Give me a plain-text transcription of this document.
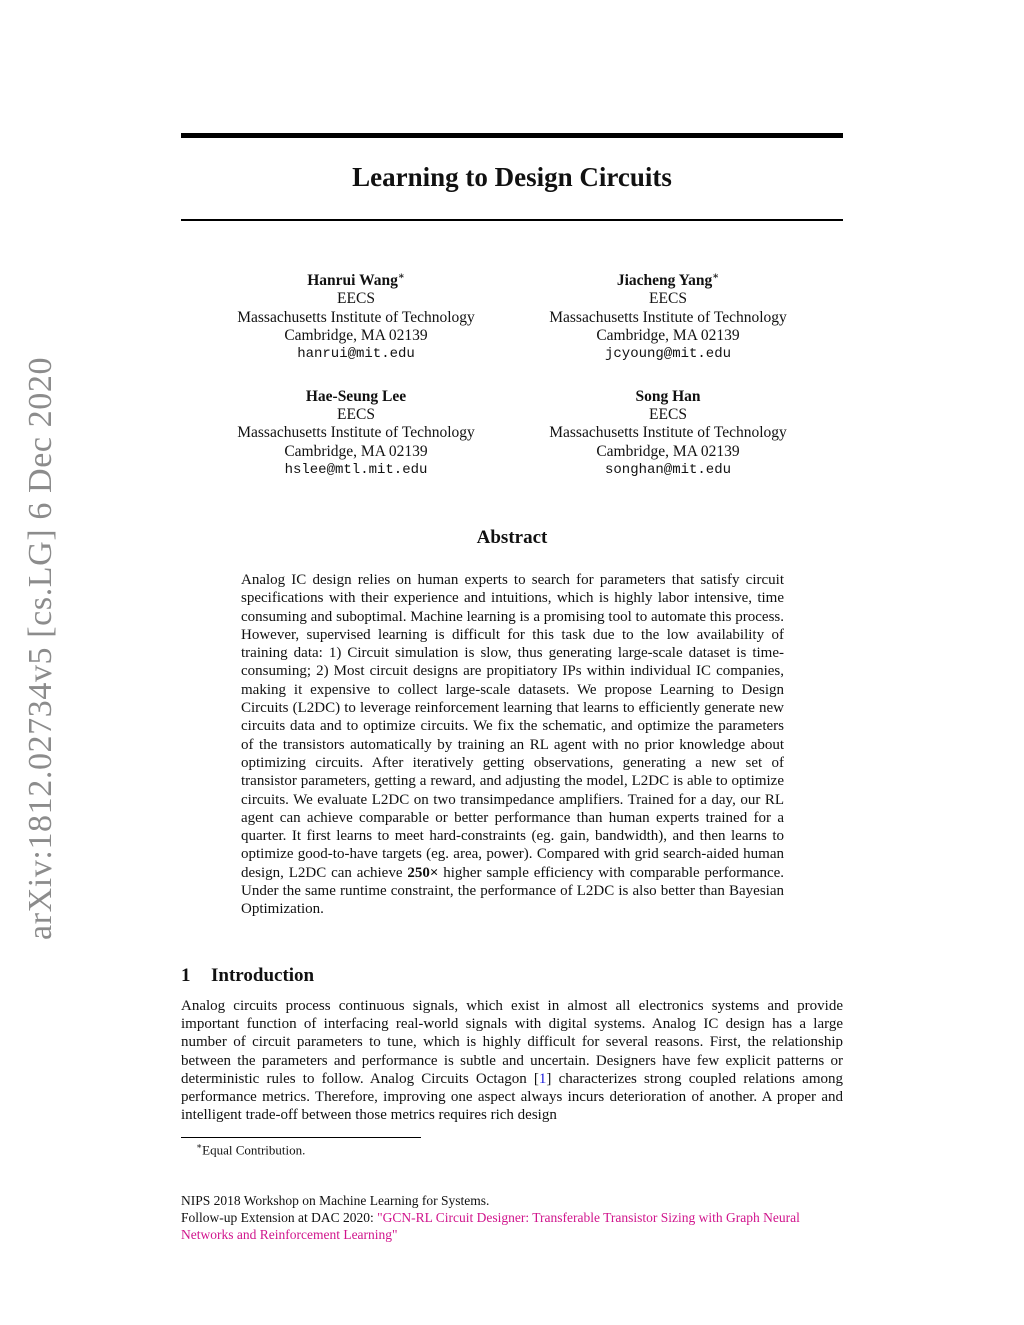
arXiv:1812.02734v5 [cs.LG] 6 Dec 2020
Learning to Design Circuits
Hanrui Wang∗
EECS
Massachusetts Institute of Technology
Cambridge, MA 02139
hanrui@mit.edu
Jiacheng Yang∗
EECS
Massachusetts Institute of Technology
Cambridge, MA 02139
jcyoung@mit.edu
Hae-Seung Lee
EECS
Massachusetts Institute of Technology
Cambridge, MA 02139
hslee@mtl.mit.edu
Song Han
EECS
Massachusetts Institute of Technology
Cambridge, MA 02139
songhan@mit.edu
Abstract
Analog IC design relies on human experts to search for parameters that satisfy circuit specifications with their experience and intuitions, which is highly labor intensive, time consuming and suboptimal. Machine learning is a promising tool to automate this process. However, supervised learning is difficult for this task due to the low availability of training data: 1) Circuit simulation is slow, thus generating large-scale dataset is time-consuming; 2) Most circuit designs are propitiatory IPs within individual IC companies, making it expensive to collect large-scale datasets. We propose Learning to Design Circuits (L2DC) to leverage reinforcement learning that learns to efficiently generate new circuits data and to optimize circuits. We fix the schematic, and optimize the parameters of the transistors automatically by training an RL agent with no prior knowledge about optimizing circuits. After iteratively getting observations, generating a new set of transistor parameters, getting a reward, and adjusting the model, L2DC is able to optimize circuits. We evaluate L2DC on two transimpedance amplifiers. Trained for a day, our RL agent can achieve comparable or better performance than human experts trained for a quarter. It first learns to meet hard-constraints (eg. gain, bandwidth), and then learns to optimize good-to-have targets (eg. area, power). Compared with grid search-aided human design, L2DC can achieve 250× higher sample efficiency with comparable performance. Under the same runtime constraint, the performance of L2DC is also better than Bayesian Optimization.
1 Introduction
Analog circuits process continuous signals, which exist in almost all electronics systems and provide important function of interfacing real-world signals with digital systems. Analog IC design has a large number of circuit parameters to tune, which is highly difficult for several reasons. First, the relationship between the parameters and performance is subtle and uncertain. Designers have few explicit patterns or deterministic rules to follow. Analog Circuits Octagon [1] characterizes strong coupled relations among performance metrics. Therefore, improving one aspect always incurs deterioration of another. A proper and intelligent trade-off between those metrics requires rich design
∗Equal Contribution.
NIPS 2018 Workshop on Machine Learning for Systems.
Follow-up Extension at DAC 2020: "GCN-RL Circuit Designer: Transferable Transistor Sizing with Graph Neural Networks and Reinforcement Learning"
